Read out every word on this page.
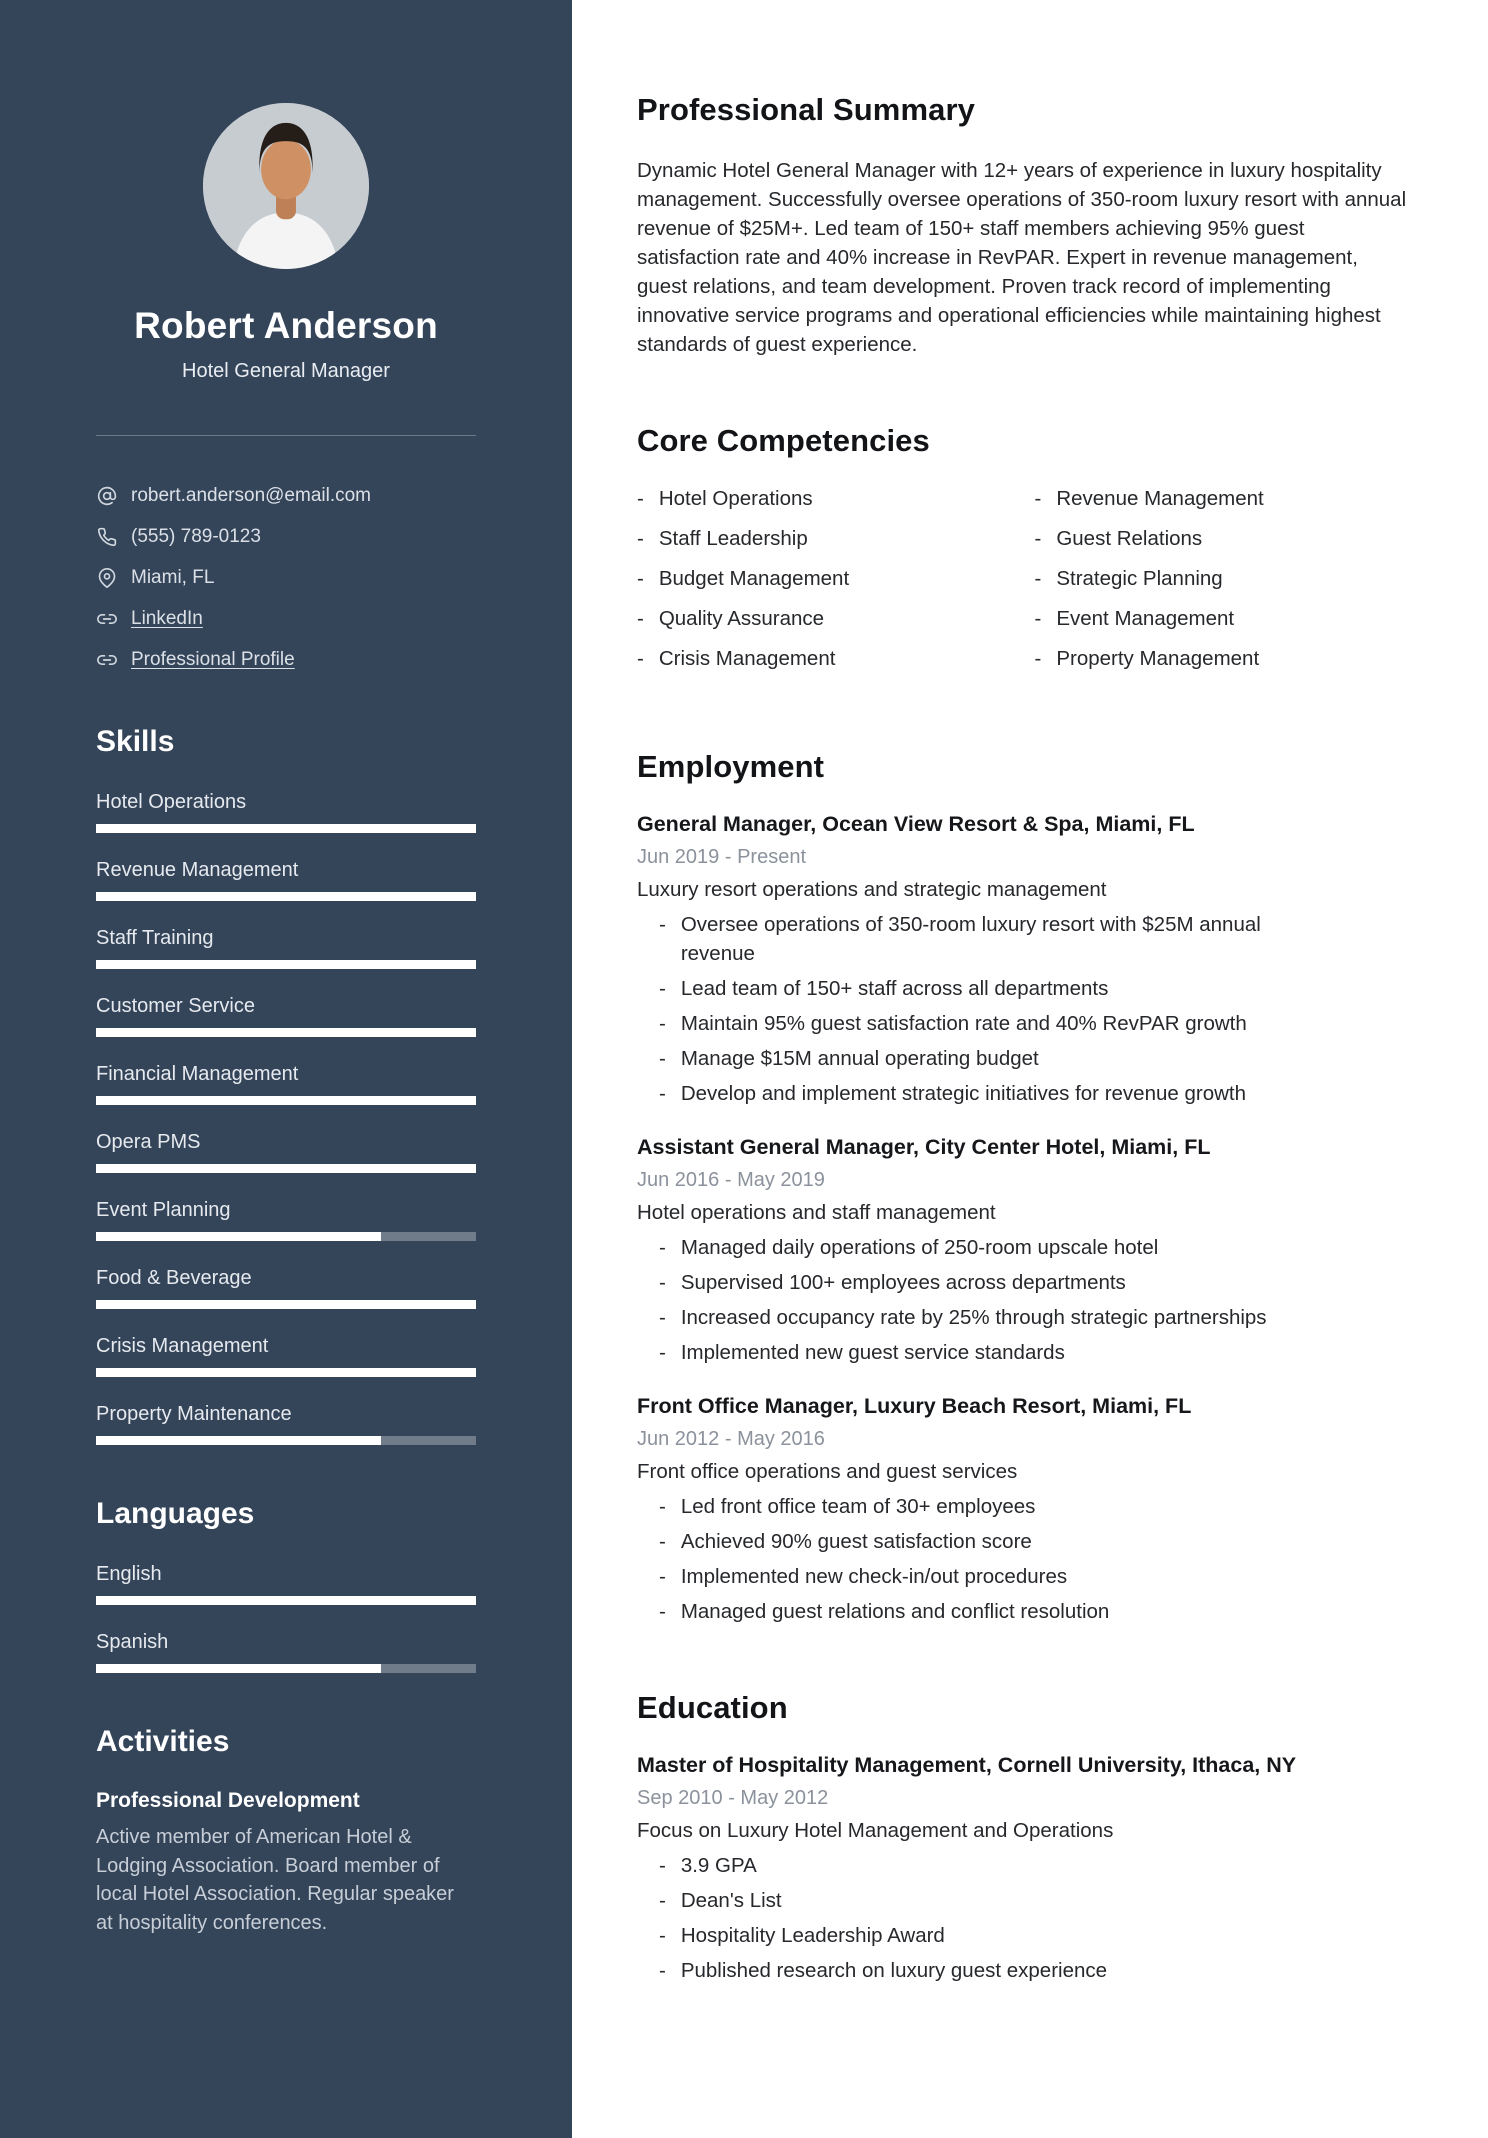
Robert Anderson
Hotel General Manager
robert.anderson@email.com
(555) 789-0123
Miami, FL
LinkedIn
Professional Profile
Skills
Hotel Operations
Revenue Management
Staff Training
Customer Service
Financial Management
Opera PMS
Event Planning
Food & Beverage
Crisis Management
Property Maintenance
Languages
English
Spanish
Activities
Professional Development

Active member of American Hotel & Lodging Association. Board member of local Hotel Association. Regular speaker at hospitality conferences.

Professional Summary

Dynamic Hotel General Manager with 12+ years of experience in luxury hospitality management. Successfully oversee operations of 350-room luxury resort with annual revenue of $25M+. Led team of 150+ staff members achieving 95% guest satisfaction rate and 40% increase in RevPAR. Expert in revenue management, guest relations, and team development. Proven track record of implementing innovative service programs and operational efficiencies while maintaining highest standards of guest experience.

Core Competencies
- Hotel Operations
- Staff Leadership
- Budget Management
- Quality Assurance
- Crisis Management
- Revenue Management
- Guest Relations
- Strategic Planning
- Event Management
- Property Management
Employment
General Manager, Ocean View Resort & Spa, Miami, FL
Jun 2019 - Present
Luxury resort operations and strategic management
- Oversee operations of 350-room luxury resort with $25M annual revenue
- Lead team of 150+ staff across all departments
- Maintain 95% guest satisfaction rate and 40% RevPAR growth
- Manage $15M annual operating budget
- Develop and implement strategic initiatives for revenue growth
Assistant General Manager, City Center Hotel, Miami, FL
Jun 2016 - May 2019
Hotel operations and staff management
- Managed daily operations of 250-room upscale hotel
- Supervised 100+ employees across departments
- Increased occupancy rate by 25% through strategic partnerships
- Implemented new guest service standards
Front Office Manager, Luxury Beach Resort, Miami, FL
Jun 2012 - May 2016
Front office operations and guest services
- Led front office team of 30+ employees
- Achieved 90% guest satisfaction score
- Implemented new check-in/out procedures
- Managed guest relations and conflict resolution
Education
Master of Hospitality Management, Cornell University, Ithaca, NY
Sep 2010 - May 2012
Focus on Luxury Hotel Management and Operations
- 3.9 GPA
- Dean's List
- Hospitality Leadership Award
- Published research on luxury guest experience
